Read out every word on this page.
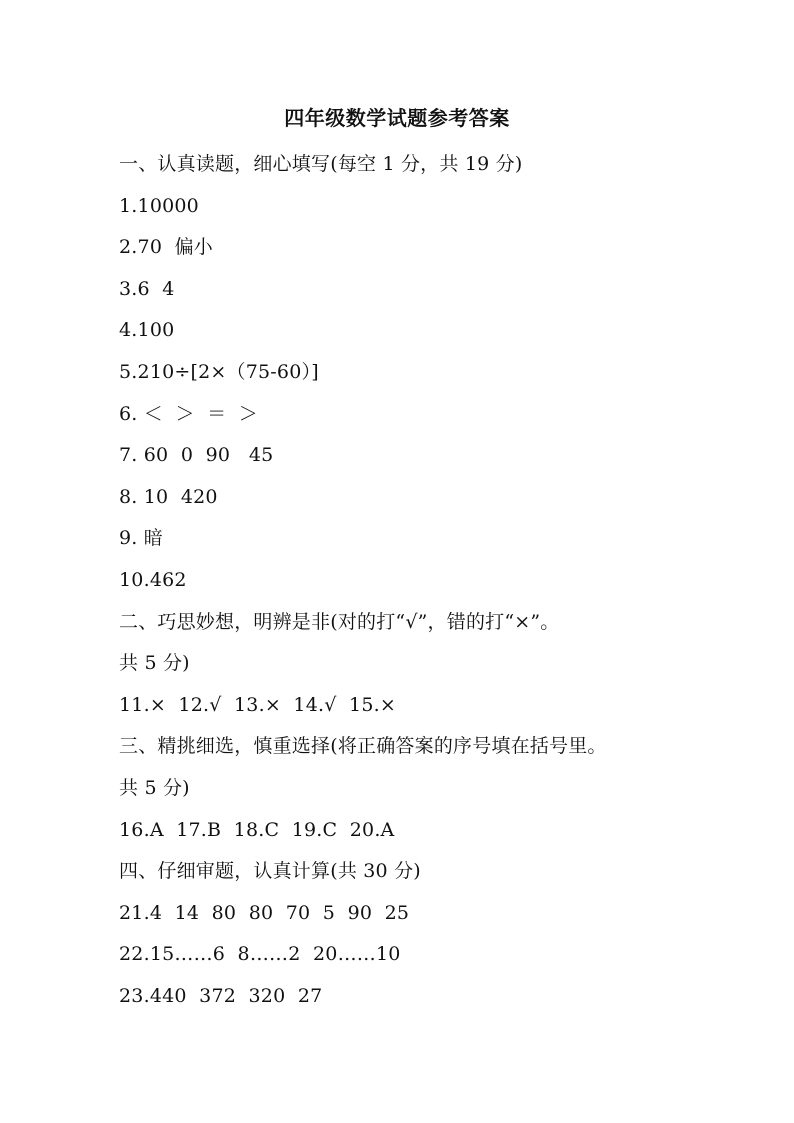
四年级数学试题参考答案
一、认真读题，细心填写(每空 1 分，共 19 分)
1.10000
2.70  偏小
3.6  4
4.100
5.210÷[2×（75-60）]
6. ＜  ＞  ＝  ＞
7. 60  0  90   45
8. 10  420
9. 暗
10.462
二、巧思妙想，明辨是非(对的打“√”，错的打“×”。
共 5 分)
11.×  12.√  13.×  14.√  15.×
三、精挑细选，慎重选择(将正确答案的序号填在括号里。
共 5 分)
16.A  17.B  18.C  19.C  20.A
四、仔细审题，认真计算(共 30 分)
21.4  14  80  80  70  5  90  25
22.15……6  8……2  20……10
23.440  372  320  27
